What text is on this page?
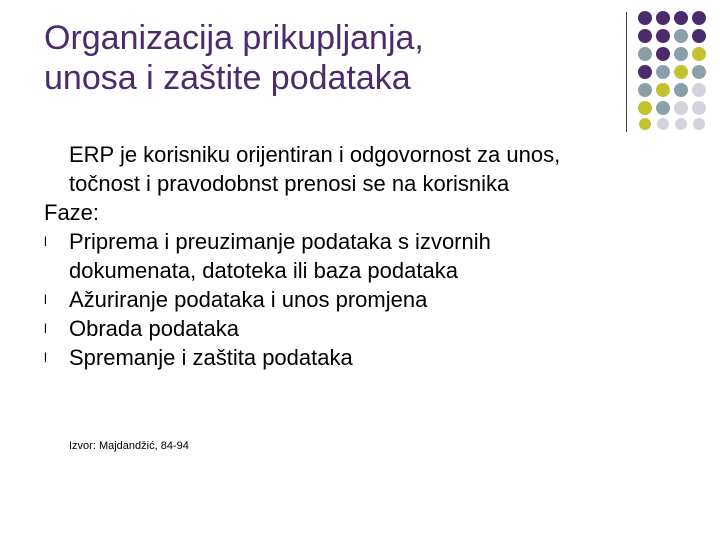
Organizacija prikupljanja,
unosa i zaštite podataka
ERP je korisniku orijentiran i odgovornost za unos,
točnost i pravodobnst prenosi se na korisnika
Faze:
l	Priprema i preuzimanje podataka s izvornih
dokumenata, datoteka ili baza podataka
l	Ažuriranje podataka i unos promjena
l	Obrada podataka
l	Spremanje i zaštita podataka
Izvor: Majdandžić, 84-94
